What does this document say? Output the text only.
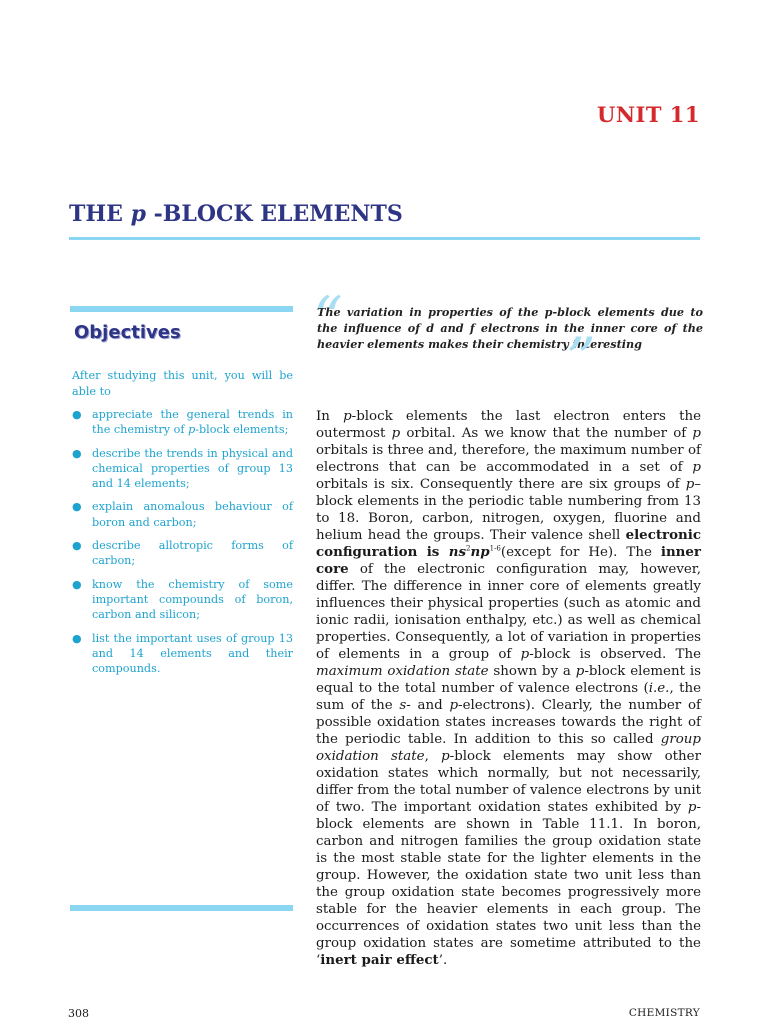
UNIT 11
THE p -BLOCK ELEMENTS
Objectives
After studying this unit, you will be able to
● appreciate the general trends in the chemistry of p-block elements;
● describe the trends in physical and chemical properties of group 13 and 14 elements;
● explain anomalous behaviour of boron and carbon;
● describe allotropic forms of carbon;
● know the chemistry of some important compounds of boron, carbon and silicon;
● list the important uses of group 13 and 14 elements and their compounds.
“
The variation in properties of the p-block elements due to the influence of d and f electrons in the inner core of the heavier elements makes their chemistry interesting
”

In p-block elements the last electron enters the outermost p orbital. As we know that the number of p orbitals is three and, therefore, the maximum number of electrons that can be accommodated in a set of p orbitals is six. Consequently there are six groups of p–block elements in the periodic table numbering from 13 to 18. Boron, carbon, nitrogen, oxygen, fluorine and helium head the groups. Their valence shell electronic configuration is $ns^2np^{1-6}(except$ for He). The inner core of the electronic configuration may, however, differ. The difference in inner core of elements greatly influences their physical properties (such as atomic and ionic radii, ionisation enthalpy, etc.) as well as chemical properties. Consequently, a lot of variation in properties of elements in a group of p-block is observed. The maximum oxidation state shown by a p-block element is equal to the total number of valence electrons (i.e., the sum of the s- and p-electrons). Clearly, the number of possible oxidation states increases towards the right of the periodic table. In addition to this so called group oxidation state, p-block elements may show other oxidation states which normally, but not necessarily, differ from the total number of valence electrons by unit of two. The important oxidation states exhibited by p-block elements are shown in Table 11.1. In boron, carbon and nitrogen families the group oxidation state is the most stable state for the lighter elements in the group. However, the oxidation state two unit less than the group oxidation state becomes progressively more stable for the heavier elements in each group. The occurrences of oxidation states two unit less than the group oxidation states are sometime attributed to the ‘inert pair effect’.

308	CHEMISTRY
